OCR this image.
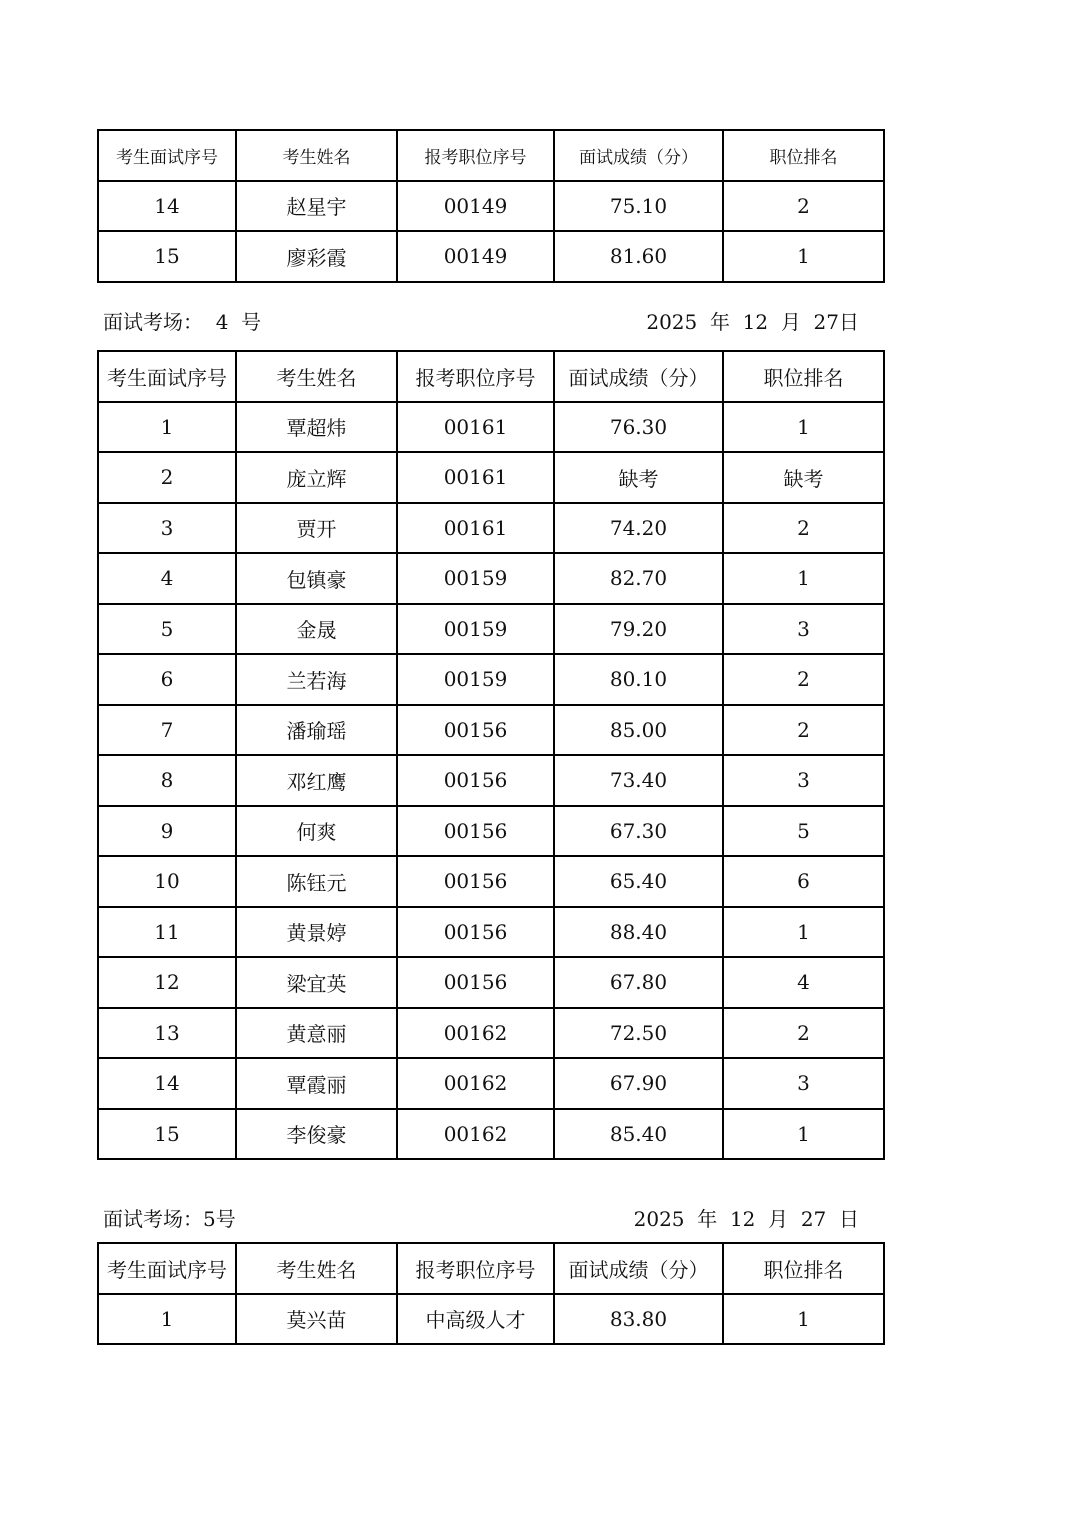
考生面试序号	考生姓名	报考职位序号	面试成绩（分）	职位排名
14	赵星宇	00149	75.10	2
15	廖彩霞	00149	81.60	1
面试考场：  4  号	2025  年  12  月  27日
考生面试序号	考生姓名	报考职位序号	面试成绩（分）	职位排名
1	覃超炜	00161	76.30	1
2	庞立辉	00161	缺考	缺考
3	贾开	00161	74.20	2
4	包镇豪	00159	82.70	1
5	金晟	00159	79.20	3
6	兰若海	00159	80.10	2
7	潘瑜瑶	00156	85.00	2
8	邓红鹰	00156	73.40	3
9	何爽	00156	67.30	5
10	陈钰元	00156	65.40	6
11	黄景婷	00156	88.40	1
12	梁宜英	00156	67.80	4
13	黄意丽	00162	72.50	2
14	覃霞丽	00162	67.90	3
15	李俊豪	00162	85.40	1
面试考场：5号	2025  年  12  月  27  日
考生面试序号	考生姓名	报考职位序号	面试成绩（分）	职位排名
1	莫兴苗	中高级人才	83.80	1
